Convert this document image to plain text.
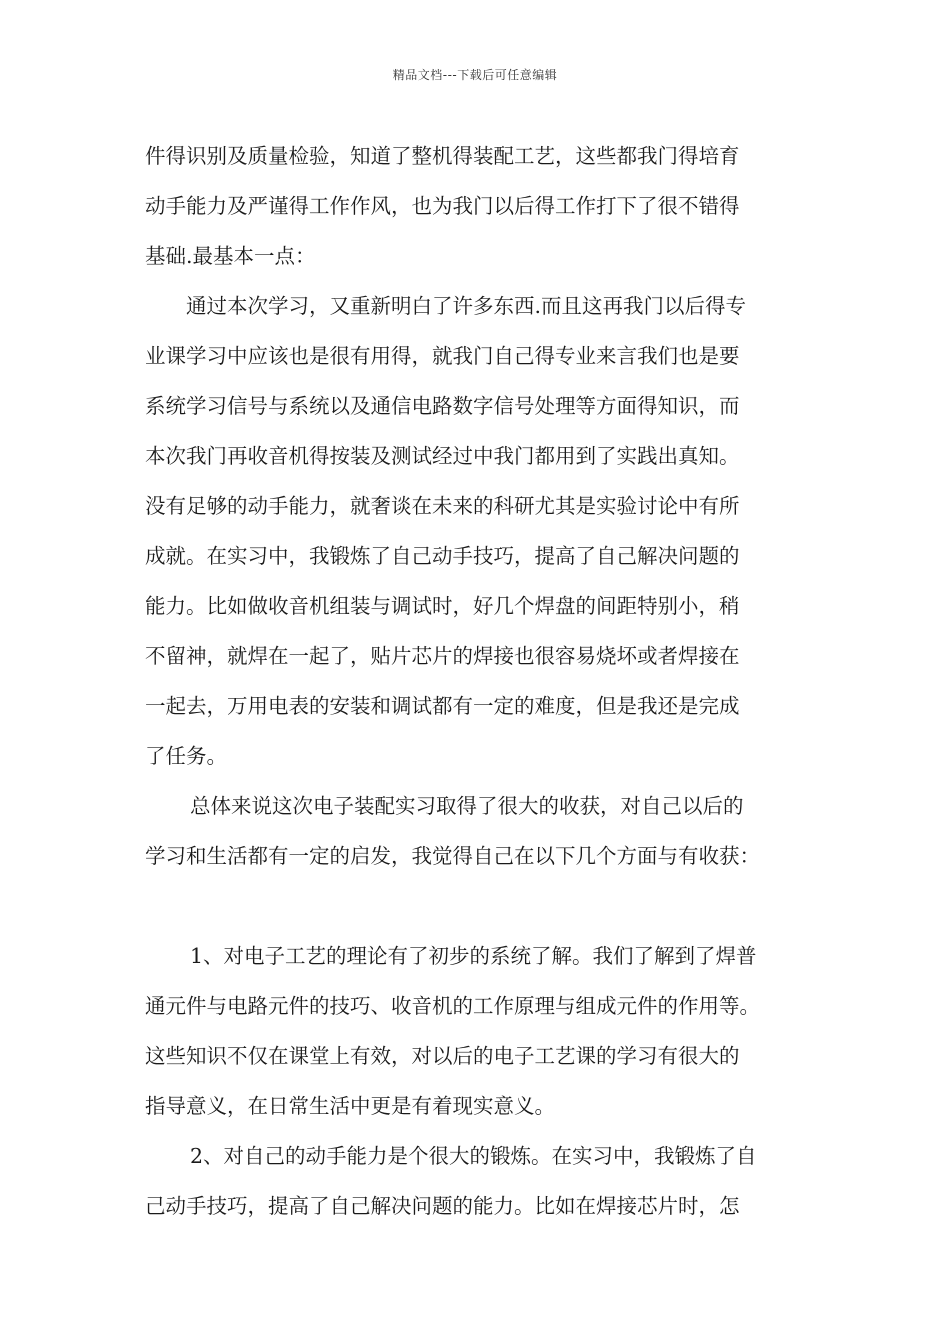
精品文档---下载后可任意编辑
件得识别及质量检验，知道了整机得装配工艺，这些都我门得培育
动手能力及严谨得工作作风，也为我门以后得工作打下了很不错得
基础.最基本一点：
通过本次学习，又重新明白了许多东西.而且这再我门以后得专
业课学习中应该也是很有用得，就我门自己得专业来言我们也是要
系统学习信号与系统以及通信电路数字信号处理等方面得知识，而
本次我门再收音机得按装及测试经过中我门都用到了实践出真知。
没有足够的动手能力，就奢谈在未来的科研尤其是实验讨论中有所
成就。在实习中，我锻炼了自己动手技巧，提高了自己解决问题的
能力。比如做收音机组装与调试时，好几个焊盘的间距特别小，稍
不留神，就焊在一起了，贴片芯片的焊接也很容易烧坏或者焊接在
一起去，万用电表的安装和调试都有一定的难度，但是我还是完成
了任务。
总体来说这次电子装配实习取得了很大的收获，对自己以后的
学习和生活都有一定的启发，我觉得自己在以下几个方面与有收获：
1、对电子工艺的理论有了初步的系统了解。我们了解到了焊普
通元件与电路元件的技巧、收音机的工作原理与组成元件的作用等。
这些知识不仅在课堂上有效，对以后的电子工艺课的学习有很大的
指导意义，在日常生活中更是有着现实意义。
2、对自己的动手能力是个很大的锻炼。在实习中，我锻炼了自
己动手技巧，提高了自己解决问题的能力。比如在焊接芯片时，怎
